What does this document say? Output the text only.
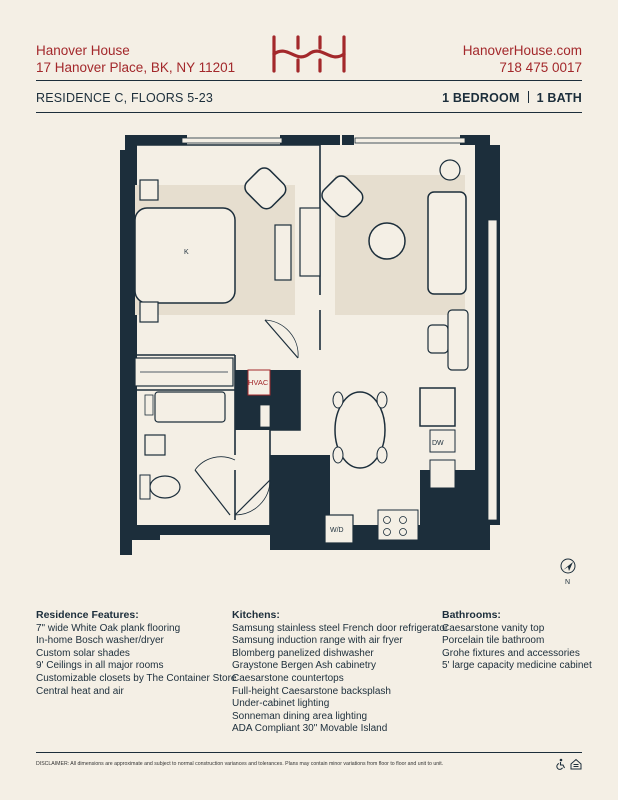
Hanover House
17 Hanover Place, BK, NY 11201
HanoverHouse.com
718 475 0017
RESIDENCE C, FLOORS 5-23	1 BEDROOM 1 BATH
K
HVAC
DW
W/D
N
Residence Features:
7" wide White Oak plank flooring
In-home Bosch washer/dryer
Custom solar shades
9' Ceilings in all major rooms
Customizable closets by The Container Store
Central heat and air
Kitchens:
Samsung stainless steel French door refrigerator
Samsung induction range with air fryer
Blomberg panelized dishwasher
Graystone Bergen Ash cabinetry
Caesarstone countertops
Full-height Caesarstone backsplash
Under-cabinet lighting
Sonneman dining area lighting
ADA Compliant 30" Movable Island
Bathrooms:
Caesarstone vanity top
Porcelain tile bathroom
Grohe fixtures and accessories
5' large capacity medicine cabinet
DISCLAIMER: All dimensions are approximate and subject to normal construction variances and tolerances. Plans may contain minor variations from floor to floor and unit to unit.
